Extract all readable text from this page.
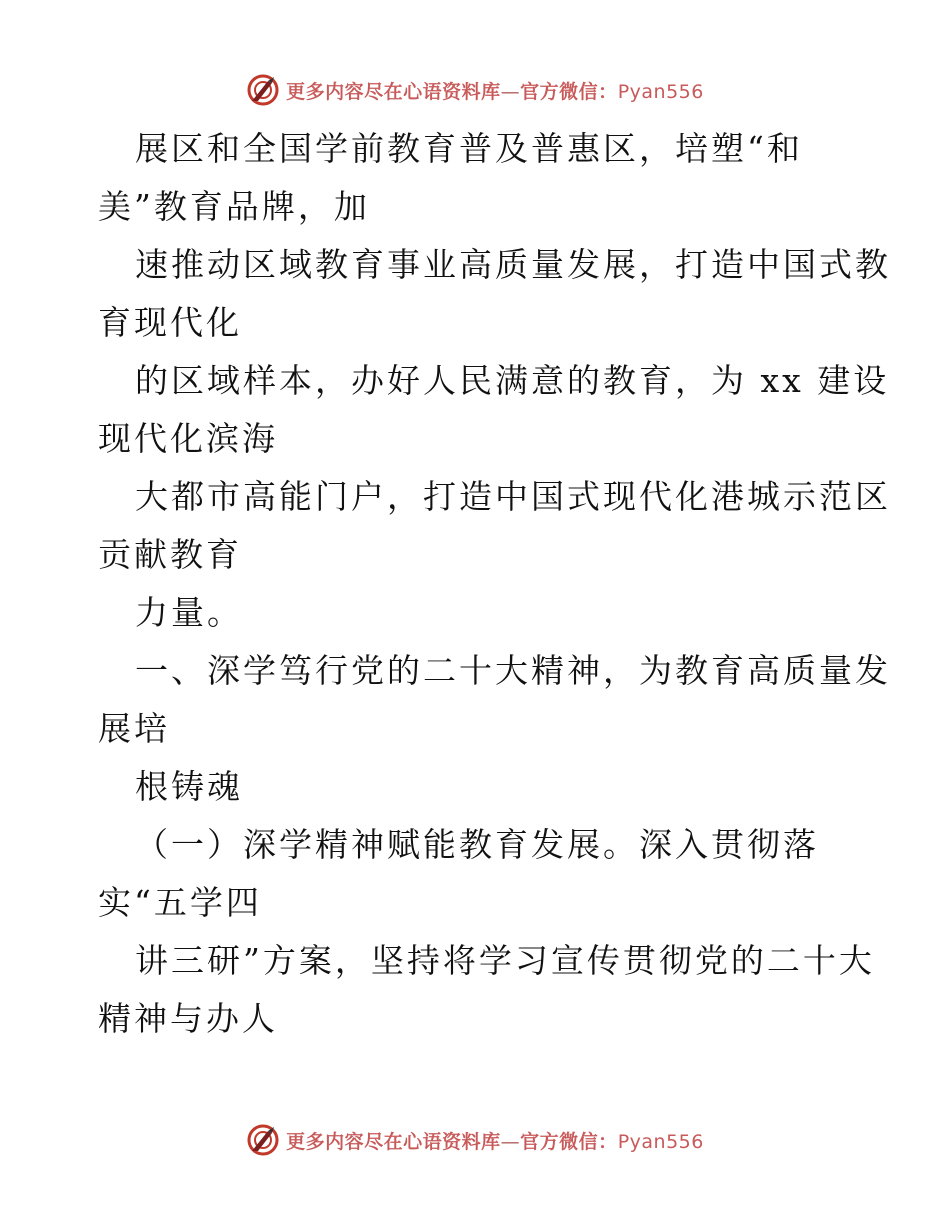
更多内容尽在心语资料库—官方微信：Pyan556
展区和全国学前教育普及普惠区，培塑“和
美”教育品牌，加
速推动区域教育事业高质量发展，打造中国式教
育现代化
的区域样本，办好人民满意的教育，为 xx 建设
现代化滨海
大都市高能门户，打造中国式现代化港城示范区
贡献教育
力量。
一、深学笃行党的二十大精神，为教育高质量发
展培
根铸魂
（一）深学精神赋能教育发展。深入贯彻落
实“五学四
讲三研”方案，坚持将学习宣传贯彻党的二十大
精神与办人
更多内容尽在心语资料库—官方微信：Pyan556
